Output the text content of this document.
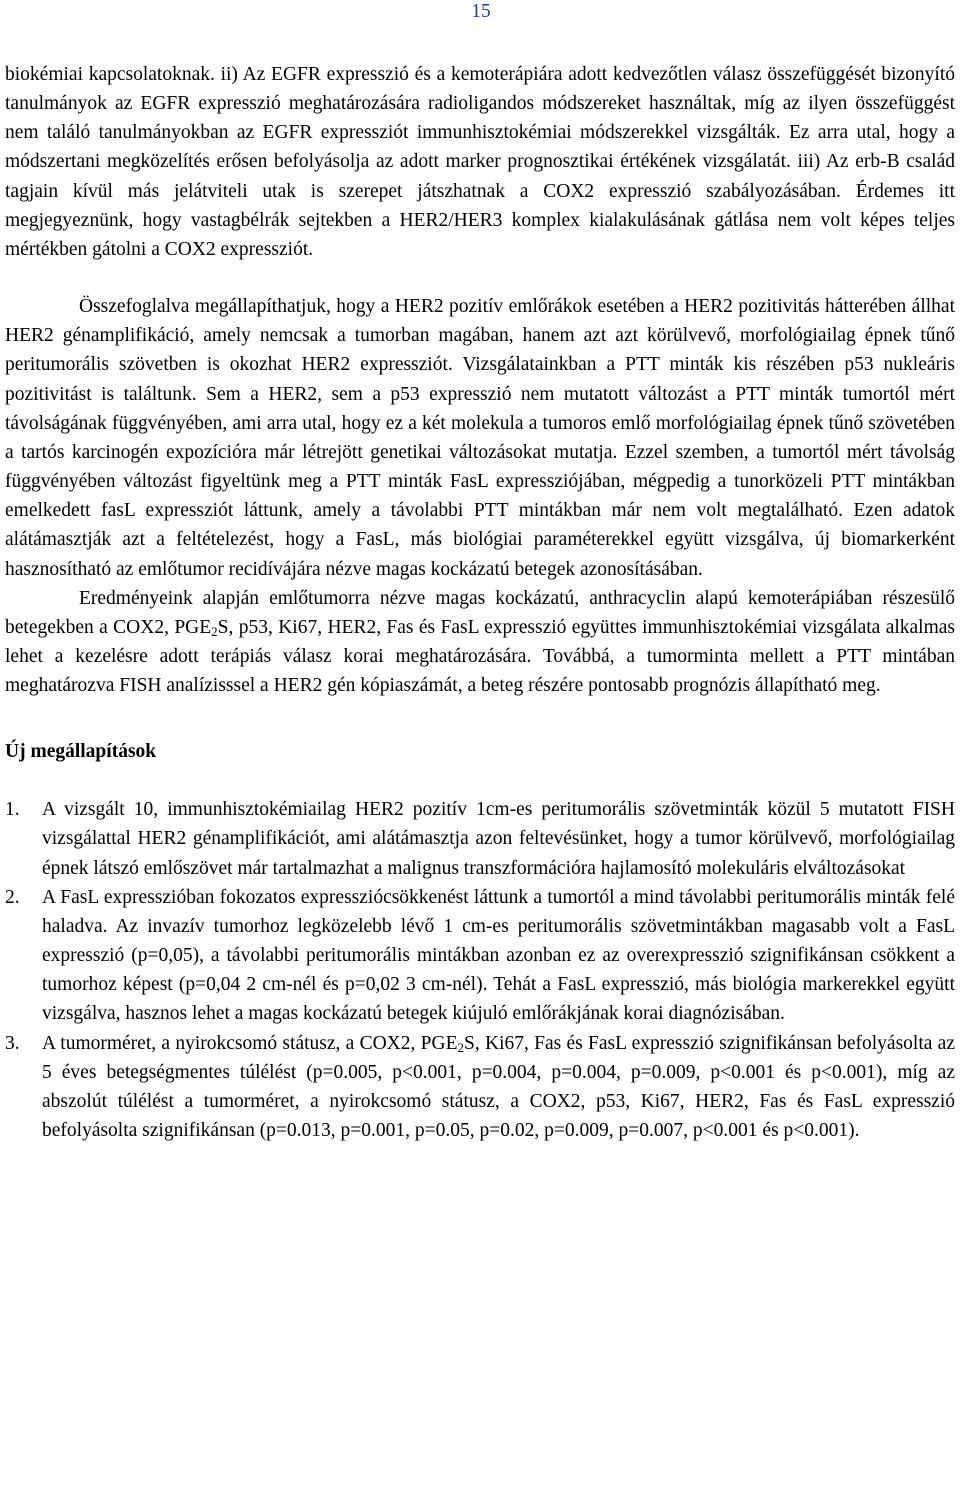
15

biokémiai kapcsolatoknak. ii) Az EGFR expresszió és a kemoterápiára adott kedvezőtlen válasz összefüggését bizonyító tanulmányok az EGFR expresszió meghatározására radioligandos módszereket használtak, míg az ilyen összefüggést nem találó tanulmányokban az EGFR expressziót immunhisztokémiai módszerekkel vizsgálták. Ez arra utal, hogy a módszertani megközelítés erősen befolyásolja az adott marker prognosztikai értékének vizsgálatát. iii) Az erb-B család tagjain kívül más jelátviteli utak is szerepet játszhatnak a COX2 expresszió szabályozásában. Érdemes itt megjegyeznünk, hogy vastagbélrák sejtekben a HER2/HER3 komplex kialakulásának gátlása nem volt képes teljes mértékben gátolni a COX2 expressziót.

Összefoglalva megállapíthatjuk, hogy a HER2 pozitív emlőrákok esetében a HER2 pozitivitás hátterében állhat HER2 génamplifikáció, amely nemcsak a tumorban magában, hanem azt azt körülvevő, morfológiailag épnek tűnő peritumorális szövetben is okozhat HER2 expressziót. Vizsgálatainkban a PTT minták kis részében p53 nukleáris pozitivitást is találtunk. Sem a HER2, sem a p53 expresszió nem mutatott változást a PTT minták tumortól mért távolságának függvényében, ami arra utal, hogy ez a két molekula a tumoros emlő morfológiailag épnek tűnő szövetében a tartós karcinogén expozícióra már létrejött genetikai változásokat mutatja. Ezzel szemben, a tumortól mért távolság függvényében változást figyeltünk meg a PTT minták FasL expressziójában, mégpedig a tunorközeli PTT mintákban emelkedett fasL expressziót láttunk, amely a távolabbi PTT mintákban már nem volt megtalálható. Ezen adatok alátámasztják azt a feltételezést, hogy a FasL, más biológiai paraméterekkel együtt vizsgálva, új biomarkerként hasznosítható az emlőtumor recidívájára nézve magas kockázatú betegek azonosításában.

Eredményeink alapján emlőtumorra nézve magas kockázatú, anthracyclin alapú kemoterápiában részesülő betegekben a COX2, $PGE_2S$, p53, Ki67, HER2, Fas és FasL expresszió együttes immunhisztokémiai vizsgálata alkalmas lehet a kezelésre adott terápiás válasz korai meghatározására. Továbbá, a tumorminta mellett a PTT mintában meghatározva FISH analízisssel a HER2 gén kópiaszámát, a beteg részére pontosabb prognózis állapítható meg.

Új megállapítások
1. A vizsgált 10, immunhisztokémiailag HER2 pozitív 1cm-es peritumorális szövetminták közül 5 mutatott FISH vizsgálattal HER2 génamplifikációt, ami alátámasztja azon feltevésünket, hogy a tumor körülvevő, morfológiailag épnek látszó emlőszövet már tartalmazhat a malignus transzformációra hajlamosító molekuláris elváltozásokat
2. A FasL expresszióban fokozatos expressziócsökkenést láttunk a tumortól a mind távolabbi peritumorális minták felé haladva. Az invazív tumorhoz legközelebb lévő 1 cm-es peritumorális szövetmintákban magasabb volt a FasL expresszió (p=0,05), a távolabbi peritumorális mintákban azonban ez az overexpresszió szignifikánsan csökkent a tumorhoz képest (p=0,04 2 cm-nél és p=0,02 3 cm-nél). Tehát a FasL expresszió, más biológia markerekkel együtt vizsgálva, hasznos lehet a magas kockázatú betegek kiújuló emlőrákjának korai diagnózisában.
3. A tumorméret, a nyirokcsomó státusz, a COX2, $PGE_2S$, Ki67, Fas és FasL expresszió szignifikánsan befolyásolta az 5 éves betegségmentes túlélést (p=0.005, p<0.001, p=0.004, p=0.004, p=0.009, p<0.001 és p<0.001), míg az abszolút túlélést a tumorméret, a nyirokcsomó státusz, a COX2, p53, Ki67, HER2, Fas és FasL expresszió befolyásolta szignifikánsan (p=0.013, p=0.001, p=0.05, p=0.02, p=0.009, p=0.007, p<0.001 és p<0.001).
